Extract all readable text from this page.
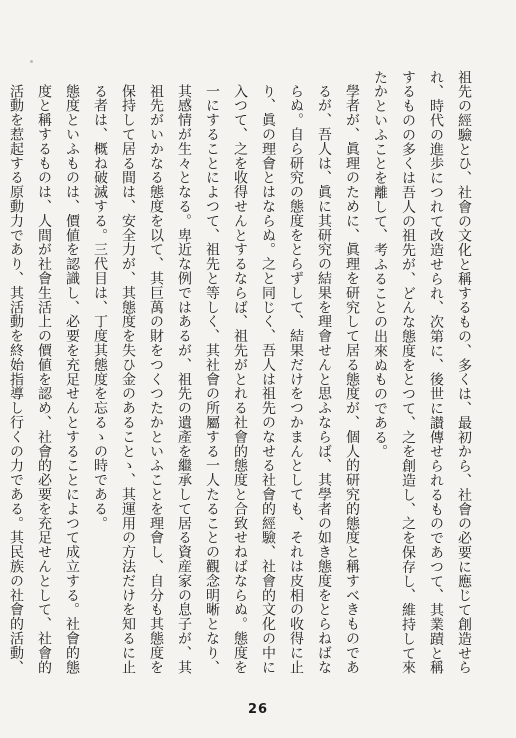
祖先の經驗とひ、社會の文化と稱するもの、多くは、最初から、社會の必要に應じて創造せられ、時代の進歩につれて改造せられ、次第に、後世に讃傳せられるものであつて、其業蹟と稱するものの多くは吾人の祖先が、どんな態度をとつて、之を創造し、之を保存し、維持して來たかといふことを離して、考ふることの出來ぬものである。

學者が、眞理のために、眞理を研究して居る態度が、個人的研究的態度と稱すべきものであるが、吾人は、眞に其研究の結果を理會せんと思ふならば、其學者の如き態度をとらねばならぬ。自ら研究の態度をとらずして、結果だけをつかまんとしても、それは皮相の收得に止り、眞の理會とはならぬ。之と同じく、吾人は祖先のなせる社會的經驗、社會的文化の中に入つて、之を收得せんとするならば、祖先がとれる社會的態度と合致せねばならぬ。態度を一にすることによつて、祖先と等しく、其社會の所屬する一人たることの觀念明晰となり、其感情が生々となる。卑近な例ではあるが、祖先の遺產を繼承して居る資産家の息子が、其祖先がいかなる態度を以て、其巨萬の財をつくつたかといふことを理會し、自分も其態度を保持して居る間は、安全力が、其態度を失ひ金のあることゝ、其運用の方法だけを知るに止る者は、概ね破滅する。三代目は、丁度其態度を忘るゝの時である。

態度といふものは、價値を認識し、必要を充足せんとすることによつて成立する。社會的態度と稱するものは、人間が社會生活上の價値を認め、社會的必要を充足せんとして、社會的活動を惹起する原動力であり、其活動を終始指導し行くの力である。其民族の社會的活動、

26
